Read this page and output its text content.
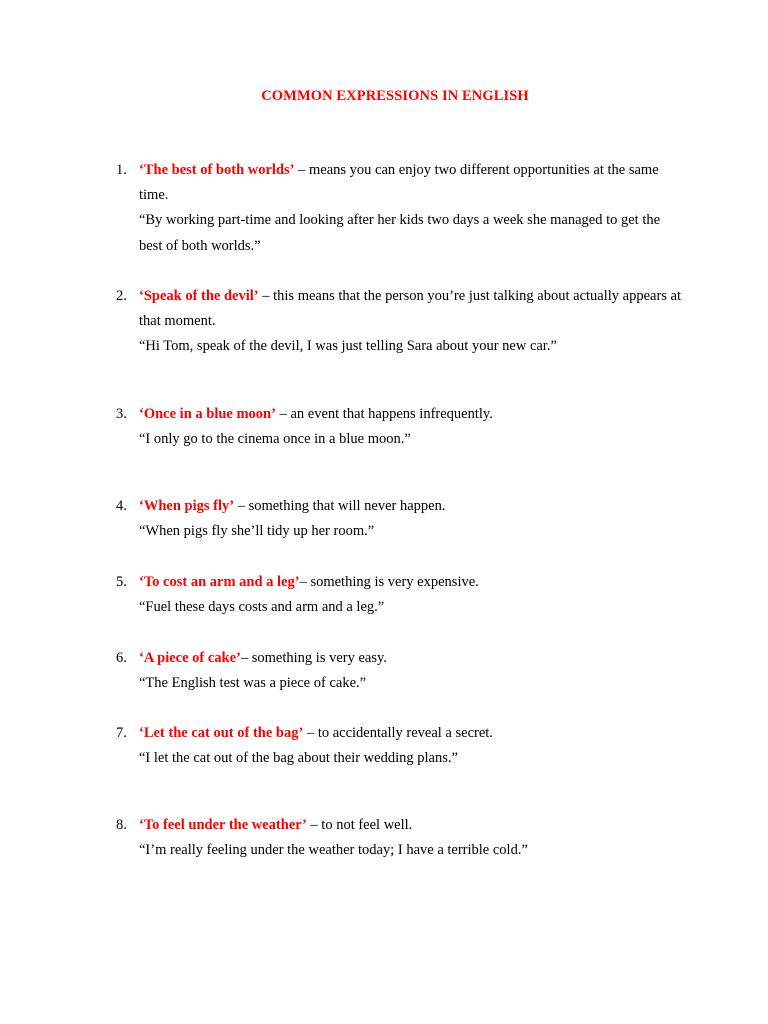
COMMON EXPRESSIONS IN ENGLISH
1. ‘The best of both worlds’ – means you can enjoy two different opportunities at the same time.
“By working part-time and looking after her kids two days a week she managed to get the best of both worlds.”
2. ‘Speak of the devil’ – this means that the person you’re just talking about actually appears at that moment.
“Hi Tom, speak of the devil, I was just telling Sara about your new car.”
3. ‘Once in a blue moon’ – an event that happens infrequently.
“I only go to the cinema once in a blue moon.”
4. ‘When pigs fly’ – something that will never happen.
“When pigs fly she’ll tidy up her room.”
5. ‘To cost an arm and a leg’– something is very expensive.
“Fuel these days costs and arm and a leg.”
6. ‘A piece of cake’– something is very easy.
“The English test was a piece of cake.”
7. ‘Let the cat out of the bag’ – to accidentally reveal a secret.
“I let the cat out of the bag about their wedding plans.”
8. ‘To feel under the weather’ – to not feel well.
“I’m really feeling under the weather today; I have a terrible cold.”
